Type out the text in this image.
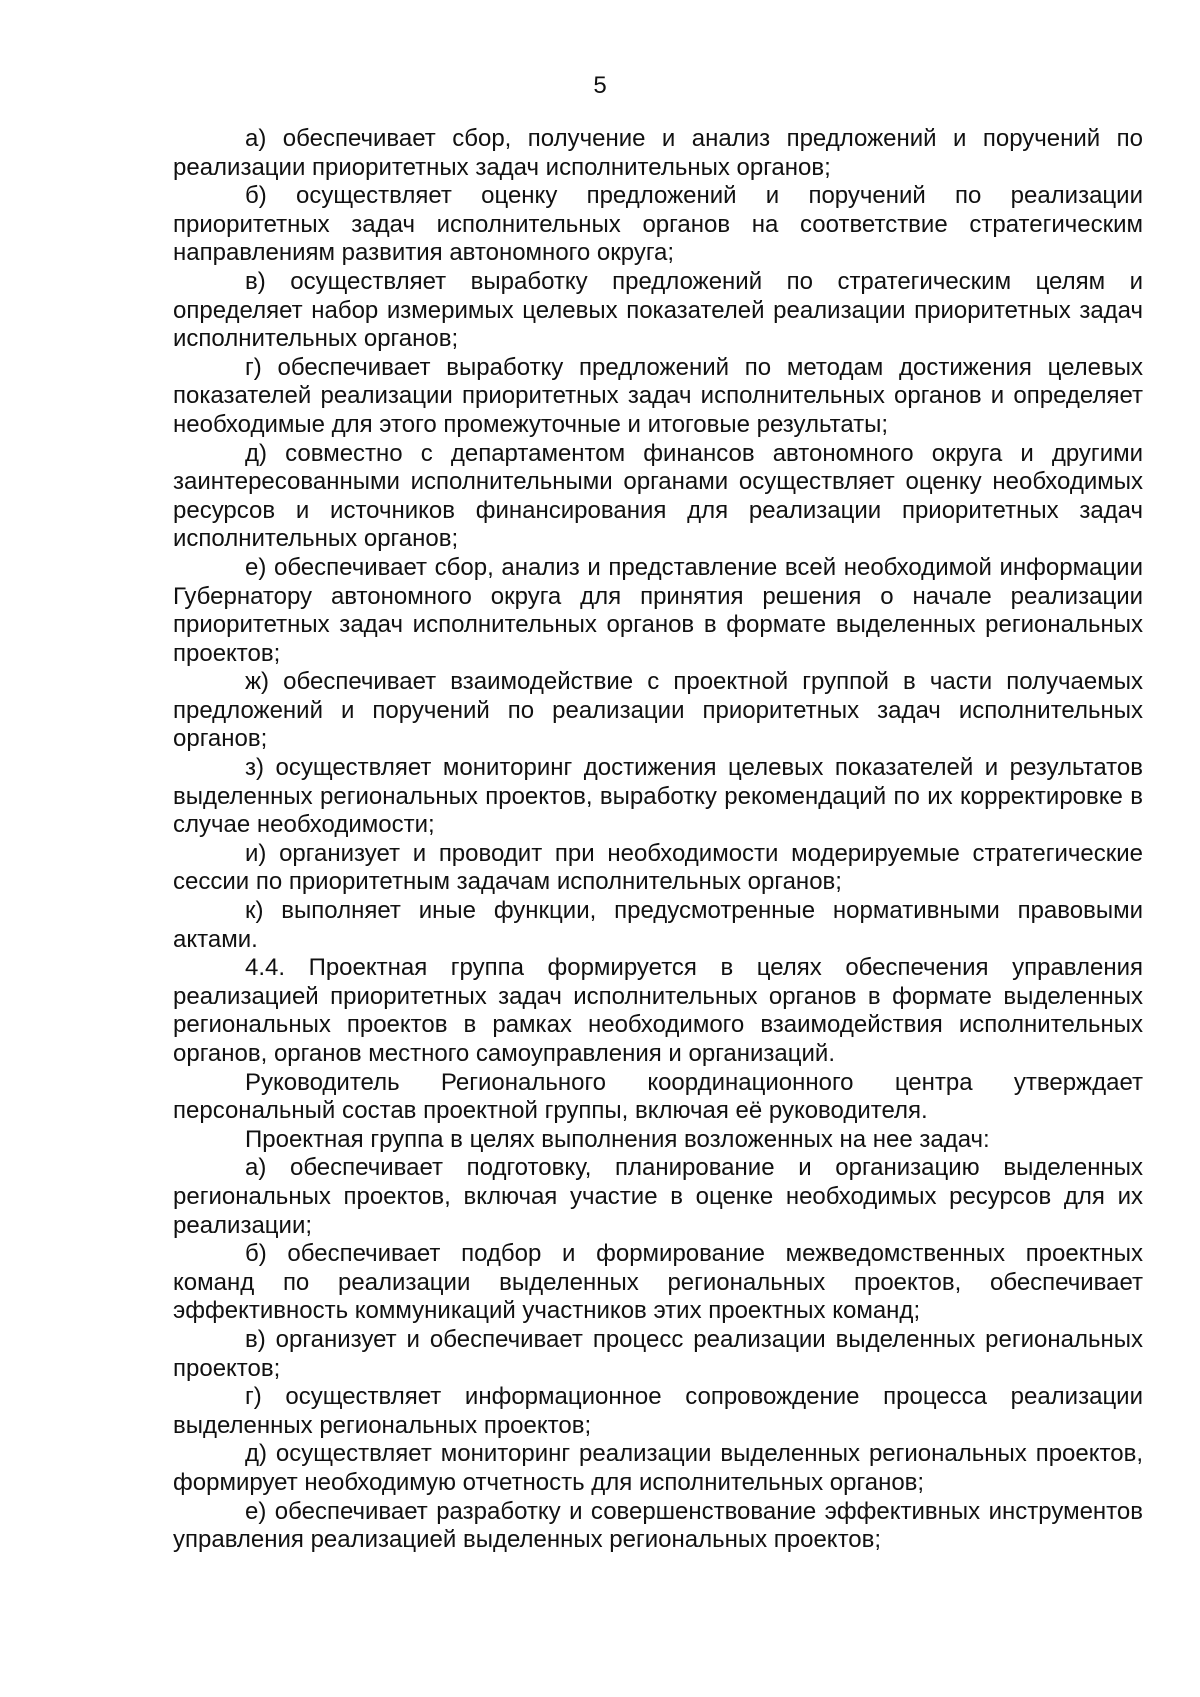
5

а) обеспечивает сбор, получение и анализ предложений и поручений по реализации приоритетных задач исполнительных органов;

б) осуществляет оценку предложений и поручений по реализации приоритетных задач исполнительных органов на соответствие стратегическим направлениям развития автономного округа;

в) осуществляет выработку предложений по стратегическим целям и определяет набор измеримых целевых показателей реализации приоритетных задач исполнительных органов;

г) обеспечивает выработку предложений по методам достижения целевых показателей реализации приоритетных задач исполнительных органов и определяет необходимые для этого промежуточные и итоговые результаты;

д) совместно с департаментом финансов автономного округа и другими заинтересованными исполнительными органами осуществляет оценку необходимых ресурсов и источников финансирования для реализации приоритетных задач исполнительных органов;

е) обеспечивает сбор, анализ и представление всей необходимой информации Губернатору автономного округа для принятия решения о начале реализации приоритетных задач исполнительных органов в формате выделенных региональных проектов;

ж) обеспечивает взаимодействие с проектной группой в части получаемых предложений и поручений по реализации приоритетных задач исполнительных органов;

з) осуществляет мониторинг достижения целевых показателей и результатов выделенных региональных проектов, выработку рекомендаций по их корректировке в случае необходимости;

и) организует и проводит при необходимости модерируемые стратегические сессии по приоритетным задачам исполнительных органов;

к) выполняет иные функции, предусмотренные нормативными правовыми актами.

4.4. Проектная группа формируется в целях обеспечения управления реализацией приоритетных задач исполнительных органов в формате выделенных региональных проектов в рамках необходимого взаимодействия исполнительных органов, органов местного самоуправления и организаций.

Руководитель Регионального координационного центра утверждает персональный состав проектной группы, включая её руководителя.

Проектная группа в целях выполнения возложенных на нее задач:

а) обеспечивает подготовку, планирование и организацию выделенных региональных проектов, включая участие в оценке необходимых ресурсов для их реализации;

б) обеспечивает подбор и формирование межведомственных проектных команд по реализации выделенных региональных проектов, обеспечивает эффективность коммуникаций участников этих проектных команд;

в) организует и обеспечивает процесс реализации выделенных региональных проектов;

г) осуществляет информационное сопровождение процесса реализации выделенных региональных проектов;

д) осуществляет мониторинг реализации выделенных региональных проектов, формирует необходимую отчетность для исполнительных органов;

е) обеспечивает разработку и совершенствование эффективных инструментов управления реализацией выделенных региональных проектов;
